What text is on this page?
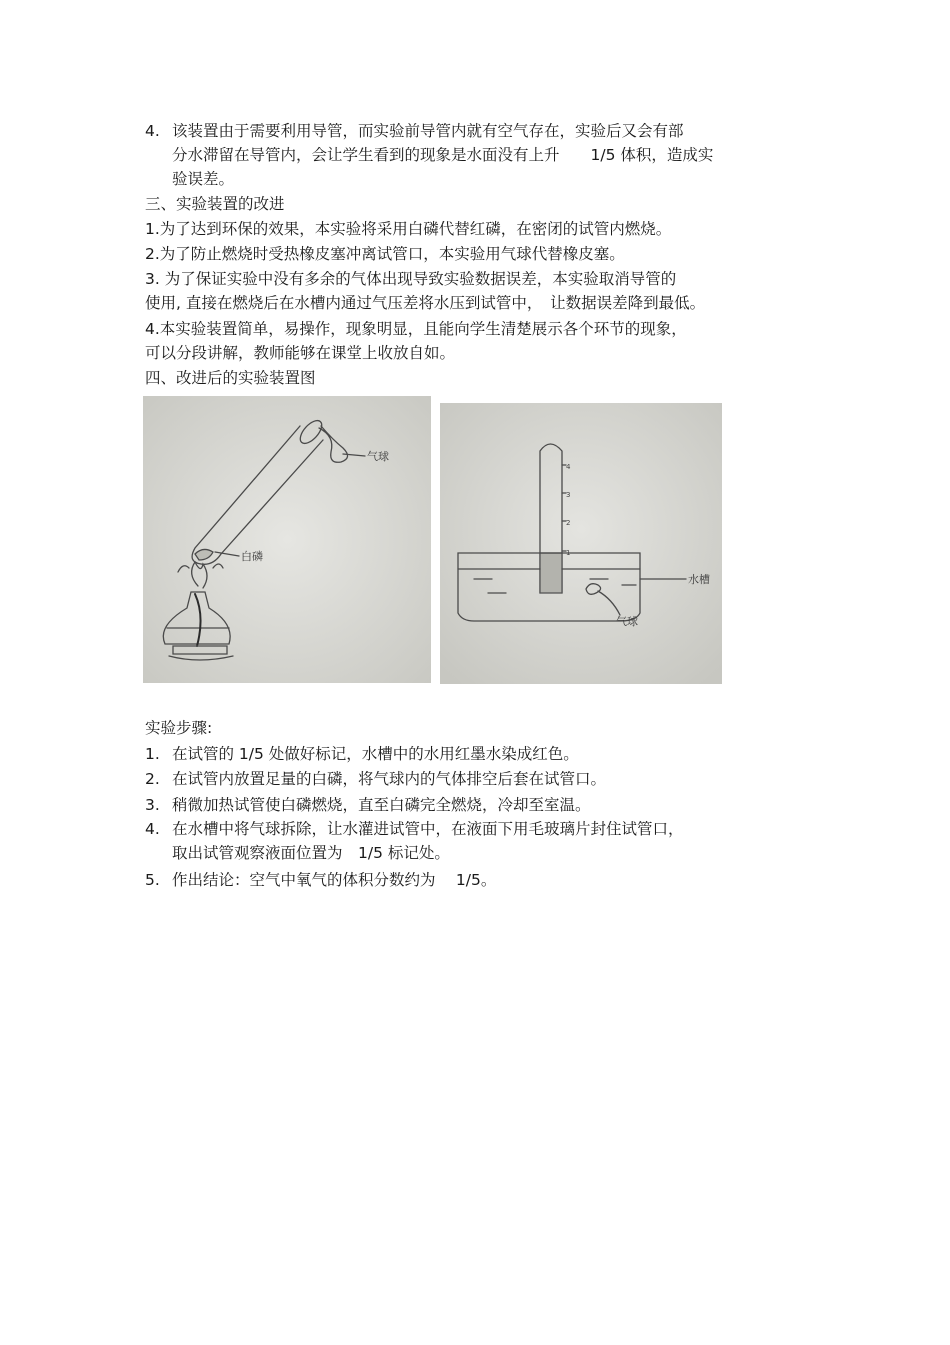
4. 该装置由于需要利用导管，而实验前导管内就有空气存在，实验后又会有部
分水滞留在导管内，会让学生看到的现象是水面没有上升　　1/5 体积，造成实
验误差。
三、实验装置的改进
1.为了达到环保的效果，本实验将采用白磷代替红磷，在密闭的试管内燃烧。
2.为了防止燃烧时受热橡皮塞冲离试管口，本实验用气球代替橡皮塞。
3. 为了保证实验中没有多余的气体出现导致实验数据误差，本实验取消导管的
使用, 直接在燃烧后在水槽内通过气压差将水压到试管中，　让数据误差降到最低。
4.本实验装置简单，易操作，现象明显，且能向学生清楚展示各个环节的现象，
可以分段讲解，教师能够在课堂上收放自如。
四、改进后的实验装置图
气球
白磷
4
3
2
1
水槽
气球
实验步骤:
1. 在试管的 1/5 处做好标记，水槽中的水用红墨水染成红色。
2. 在试管内放置足量的白磷，将气球内的气体排空后套在试管口。
3. 稍微加热试管使白磷燃烧，直至白磷完全燃烧，冷却至室温。
4. 在水槽中将气球拆除，让水灌进试管中，在液面下用毛玻璃片封住试管口，
取出试管观察液面位置为　1/5 标记处。
5. 作出结论：空气中氧气的体积分数约为　 1/5。
